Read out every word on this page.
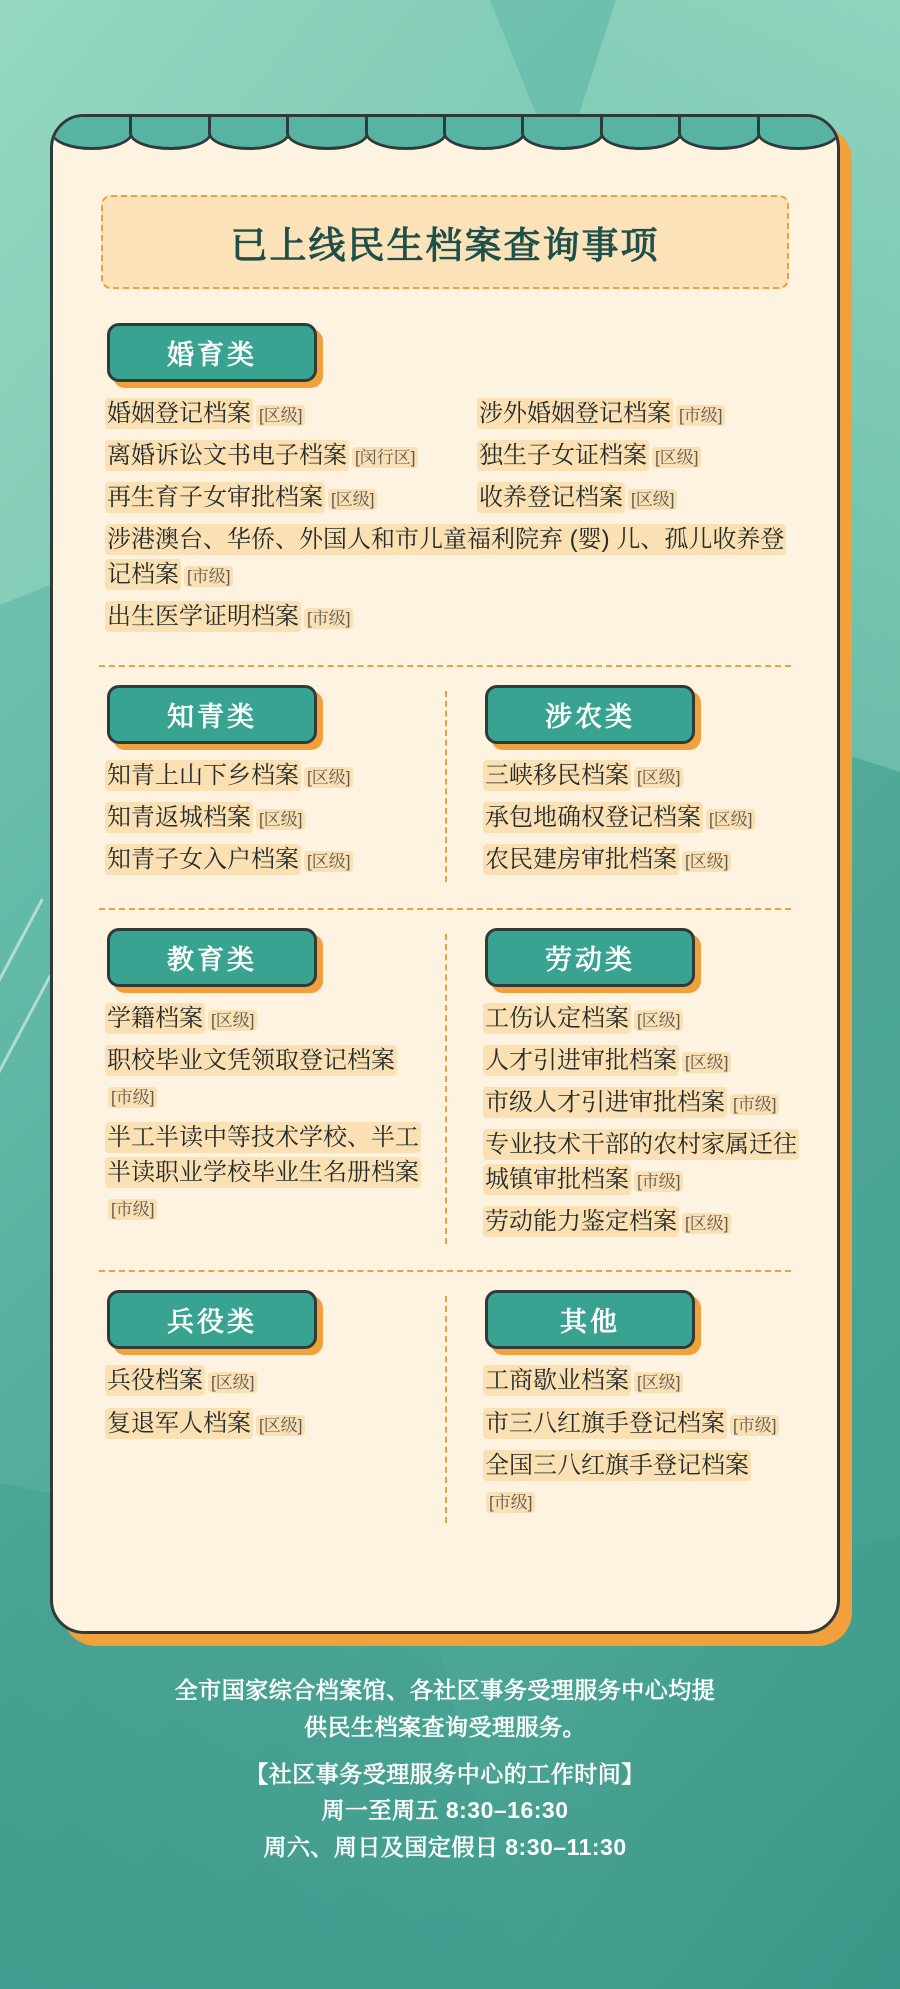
已上线民生档案查询事项
婚育类
婚姻登记档案 [区级]
离婚诉讼文书电子档案 [闵行区]
再生育子女审批档案 [区级]
涉外婚姻登记档案 [市级]
独生子女证档案 [区级]
收养登记档案 [区级]
涉港澳台、华侨、外国人和市儿童福利院弃 (婴) 儿、孤儿收养登记档案 [市级]
出生医学证明档案 [市级]
知青类
知青上山下乡档案 [区级]
知青返城档案 [区级]
知青子女入户档案 [区级]
涉农类
三峡移民档案 [区级]
承包地确权登记档案 [区级]
农民建房审批档案 [区级]
教育类
学籍档案 [区级]
职校毕业文凭领取登记档案[市级]
半工半读中等技术学校、半工半读职业学校毕业生名册档案[市级]
劳动类
工伤认定档案 [区级]
人才引进审批档案 [区级]
市级人才引进审批档案 [市级]
专业技术干部的农村家属迁往城镇审批档案 [市级]
劳动能力鉴定档案 [区级]
兵役类
兵役档案 [区级]
复退军人档案 [区级]
其他
工商歇业档案 [区级]
市三八红旗手登记档案 [市级]
全国三八红旗手登记档案[市级]
全市国家综合档案馆、各社区事务受理服务中心均提
供民生档案查询受理服务。
【社区事务受理服务中心的工作时间】
周一至周五 8:30–16:30
周六、周日及国定假日 8:30–11:30
